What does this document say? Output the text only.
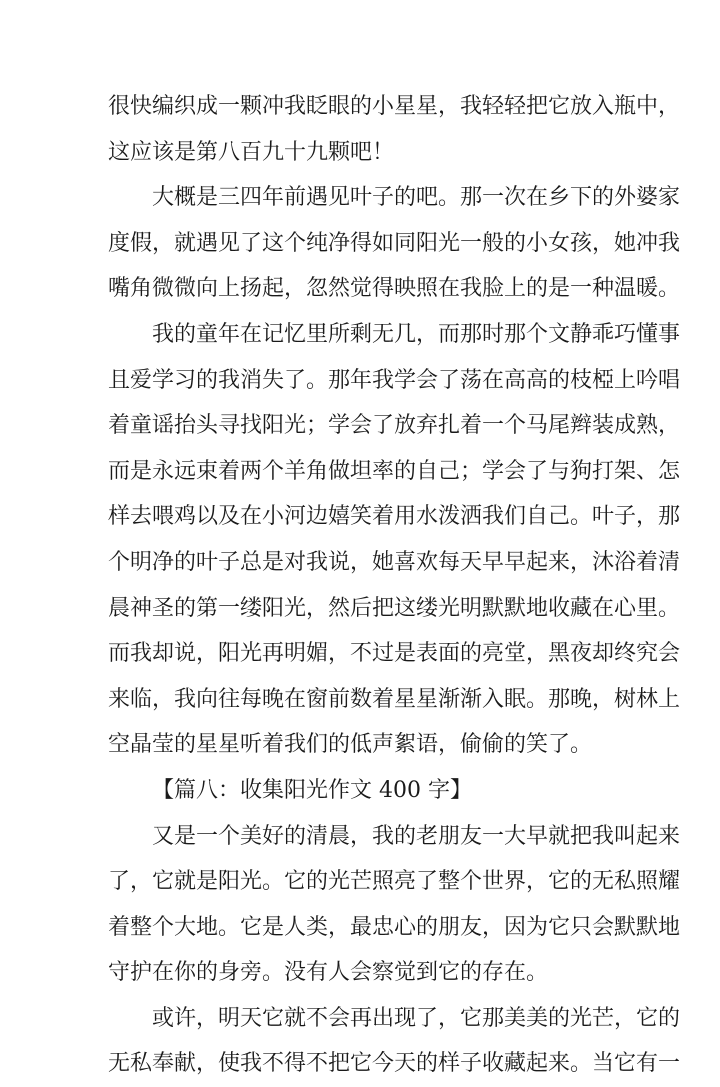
很快编织成一颗冲我眨眼的小星星，我轻轻把它放入瓶中，
这应该是第八百九十九颗吧！
大概是三四年前遇见叶子的吧。那一次在乡下的外婆家
度假，就遇见了这个纯净得如同阳光一般的小女孩，她冲我
嘴角微微向上扬起，忽然觉得映照在我脸上的是一种温暖。
我的童年在记忆里所剩无几，而那时那个文静乖巧懂事
且爱学习的我消失了。那年我学会了荡在高高的枝椏上吟唱
着童谣抬头寻找阳光；学会了放弃扎着一个马尾辫装成熟，
而是永远束着两个羊角做坦率的自己；学会了与狗打架、怎
样去喂鸡以及在小河边嬉笑着用水泼洒我们自己。叶子，那
个明净的叶子总是对我说，她喜欢每天早早起来，沐浴着清
晨神圣的第一缕阳光，然后把这缕光明默默地收藏在心里。
而我却说，阳光再明媚，不过是表面的亮堂，黑夜却终究会
来临，我向往每晚在窗前数着星星渐渐入眠。那晚，树林上
空晶莹的星星听着我们的低声絮语，偷偷的笑了。
【篇八：收集阳光作文 400 字】
又是一个美好的清晨，我的老朋友一大早就把我叫起来
了，它就是阳光。它的光芒照亮了整个世界，它的无私照耀
着整个大地。它是人类，最忠心的朋友，因为它只会默默地
守护在你的身旁。没有人会察觉到它的存在。
或许，明天它就不会再出现了，它那美美的光芒，它的
无私奉献，使我不得不把它今天的样子收藏起来。当它有一
